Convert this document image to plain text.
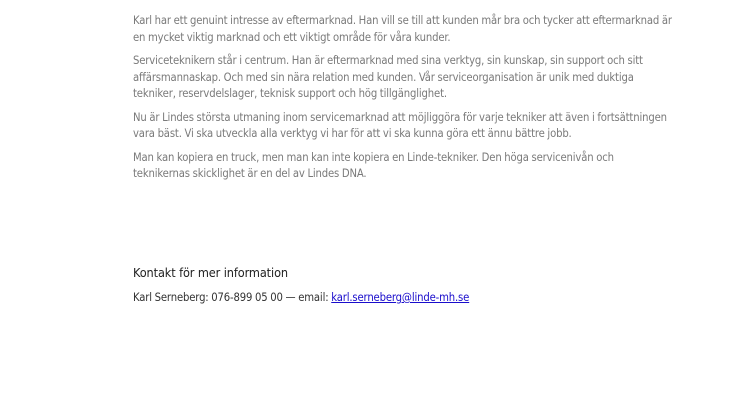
Karl har ett genuint intresse av eftermarknad. Han vill se till att kunden mår bra och tycker att eftermarknad är en mycket viktig marknad och ett viktigt område för våra kunder.

Serviceteknikern står i centrum. Han är eftermarknad med sina verktyg, sin kunskap, sin support och sitt affärsmannaskap. Och med sin nära relation med kunden. Vår serviceorganisation är unik med duktiga tekniker, reservdelslager, teknisk support och hög tillgänglighet.

Nu är Lindes största utmaning inom servicemarknad att möjliggöra för varje tekniker att även i fortsättningen vara bäst. Vi ska utveckla alla verktyg vi har för att vi ska kunna göra ett ännu bättre jobb.

Man kan kopiera en truck, men man kan inte kopiera en Linde-tekniker. Den höga servicenivån och teknikernas skicklighet är en del av Lindes DNA.

Kontakt för mer information

Karl Serneberg: 076-899 05 00 — email: karl.serneberg@linde-mh.se
